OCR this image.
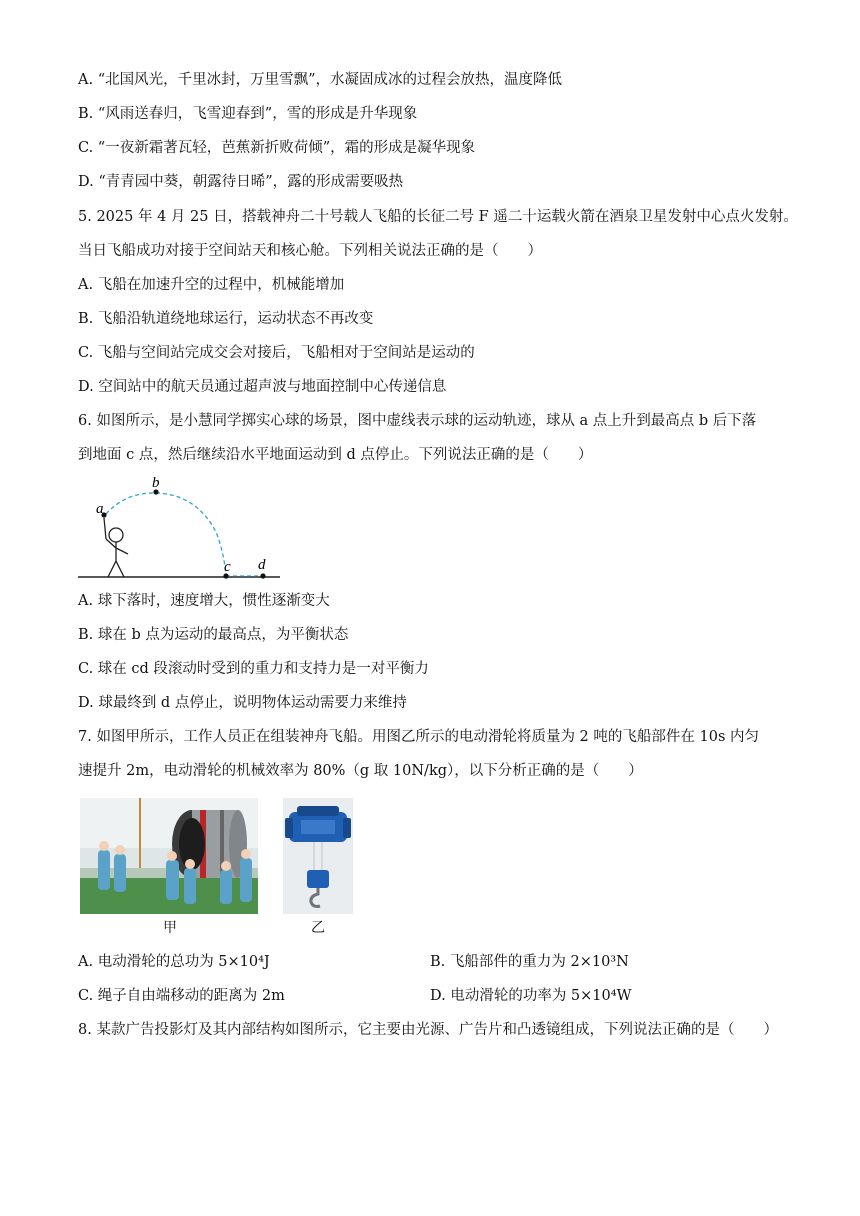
A. “北国风光，千里冰封，万里雪飘”，水凝固成冰的过程会放热，温度降低
B. “风雨送春归，飞雪迎春到”，雪的形成是升华现象
C. “一夜新霜著瓦轻，芭蕉新折败荷倾”，霜的形成是凝华现象
D. “青青园中葵，朝露待日晞”，露的形成需要吸热
5. 2025 年 4 月 25 日，搭载神舟二十号载人飞船的长征二号 F 遥二十运载火箭在酒泉卫星发射中心点火发射。
当日飞船成功对接于空间站天和核心舱。下列相关说法正确的是（　　）
A. 飞船在加速升空的过程中，机械能增加
B. 飞船沿轨道绕地球运行，运动状态不再改变
C. 飞船与空间站完成交会对接后，飞船相对于空间站是运动的
D. 空间站中的航天员通过超声波与地面控制中心传递信息
6. 如图所示，是小慧同学掷实心球的场景，图中虚线表示球的运动轨迹，球从 a 点上升到最高点 b 后下落
到地面 c 点，然后继续沿水平地面运动到 d 点停止。下列说法正确的是（　　）
a
b
c d
A. 球下落时，速度增大，惯性逐渐变大
B. 球在 b 点为运动的最高点，为平衡状态
C. 球在 cd 段滚动时受到的重力和支持力是一对平衡力
D. 球最终到 d 点停止，说明物体运动需要力来维持
7. 如图甲所示，工作人员正在组装神舟飞船。用图乙所示的电动滑轮将质量为 2 吨的飞船部件在 10s 内匀
速提升 2m，电动滑轮的机械效率为 80%（g 取 10N/kg），以下分析正确的是（　　）
甲	乙
A. 电动滑轮的总功为 5×10⁴J	B. 飞船部件的重力为 2×10³N
C. 绳子自由端移动的距离为 2m	D. 电动滑轮的功率为 5×10⁴W
8. 某款广告投影灯及其内部结构如图所示，它主要由光源、广告片和凸透镜组成，下列说法正确的是（　　）
